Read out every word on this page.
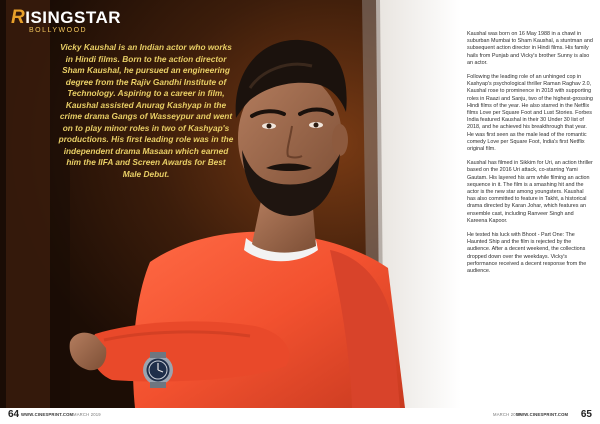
RISINGSTAR
BOLLYWOOD
Vicky Kaushal is an Indian actor who works in Hindi films. Born to the action director Sham Kaushal, he pursued an engineering degree from the Rajiv Gandhi Institute of Technology. Aspiring to a career in film, Kaushal assisted Anurag Kashyap in the crime drama Gangs of Wasseypur and went on to play minor roles in two of Kashyap's productions. His first leading role was in the independent drama Masaan which earned him the IIFA and Screen Awards for Best Male Debut.

Kaushal was born on 16 May 1988 in a chawl in suburban Mumbai to Sham Kaushal, a stuntman and subsequent action director in Hindi films. His family hails from Punjab and Vicky's brother Sunny is also an actor.

Following the leading role of an unhinged cop in Kashyap's psychological thriller Raman Raghav 2.0, Kaushal rose to prominence in 2018 with supporting roles in Raazi and Sanju, two of the highest-grossing Hindi films of the year. He also starred in the Netflix films Love per Square Foot and Lust Stories. Forbes India featured Kaushal in their 30 Under 30 list of 2018, and he achieved his breakthrough that year. He was first seen as the male lead of the romantic comedy Love per Square Foot, India's first Netflix original film.

Kaushal has filmed in Sikkim for Uri, an action thriller based on the 2016 Uri attack, co-starring Yami Gautam. His layered his arm while filming an action sequence in it. The film is a smashing hit and the actor is the new star among youngsters. Kaushal has also committed to feature in Takht, a historical drama directed by Karan Johar, which features an ensemble cast, including Ranveer Singh and Kareena Kapoor.

He tested his luck with Bhoot - Part One: The Haunted Ship and the film is rejected by the audience. After a decent weekend, the collections dropped down over the weekdays. Vicky's performance received a decent response from the audience.

64 WWW.CINESPRINT.COM MARCH 2019	MARCH 2019
WWW.CINESPRINT.COM 65
